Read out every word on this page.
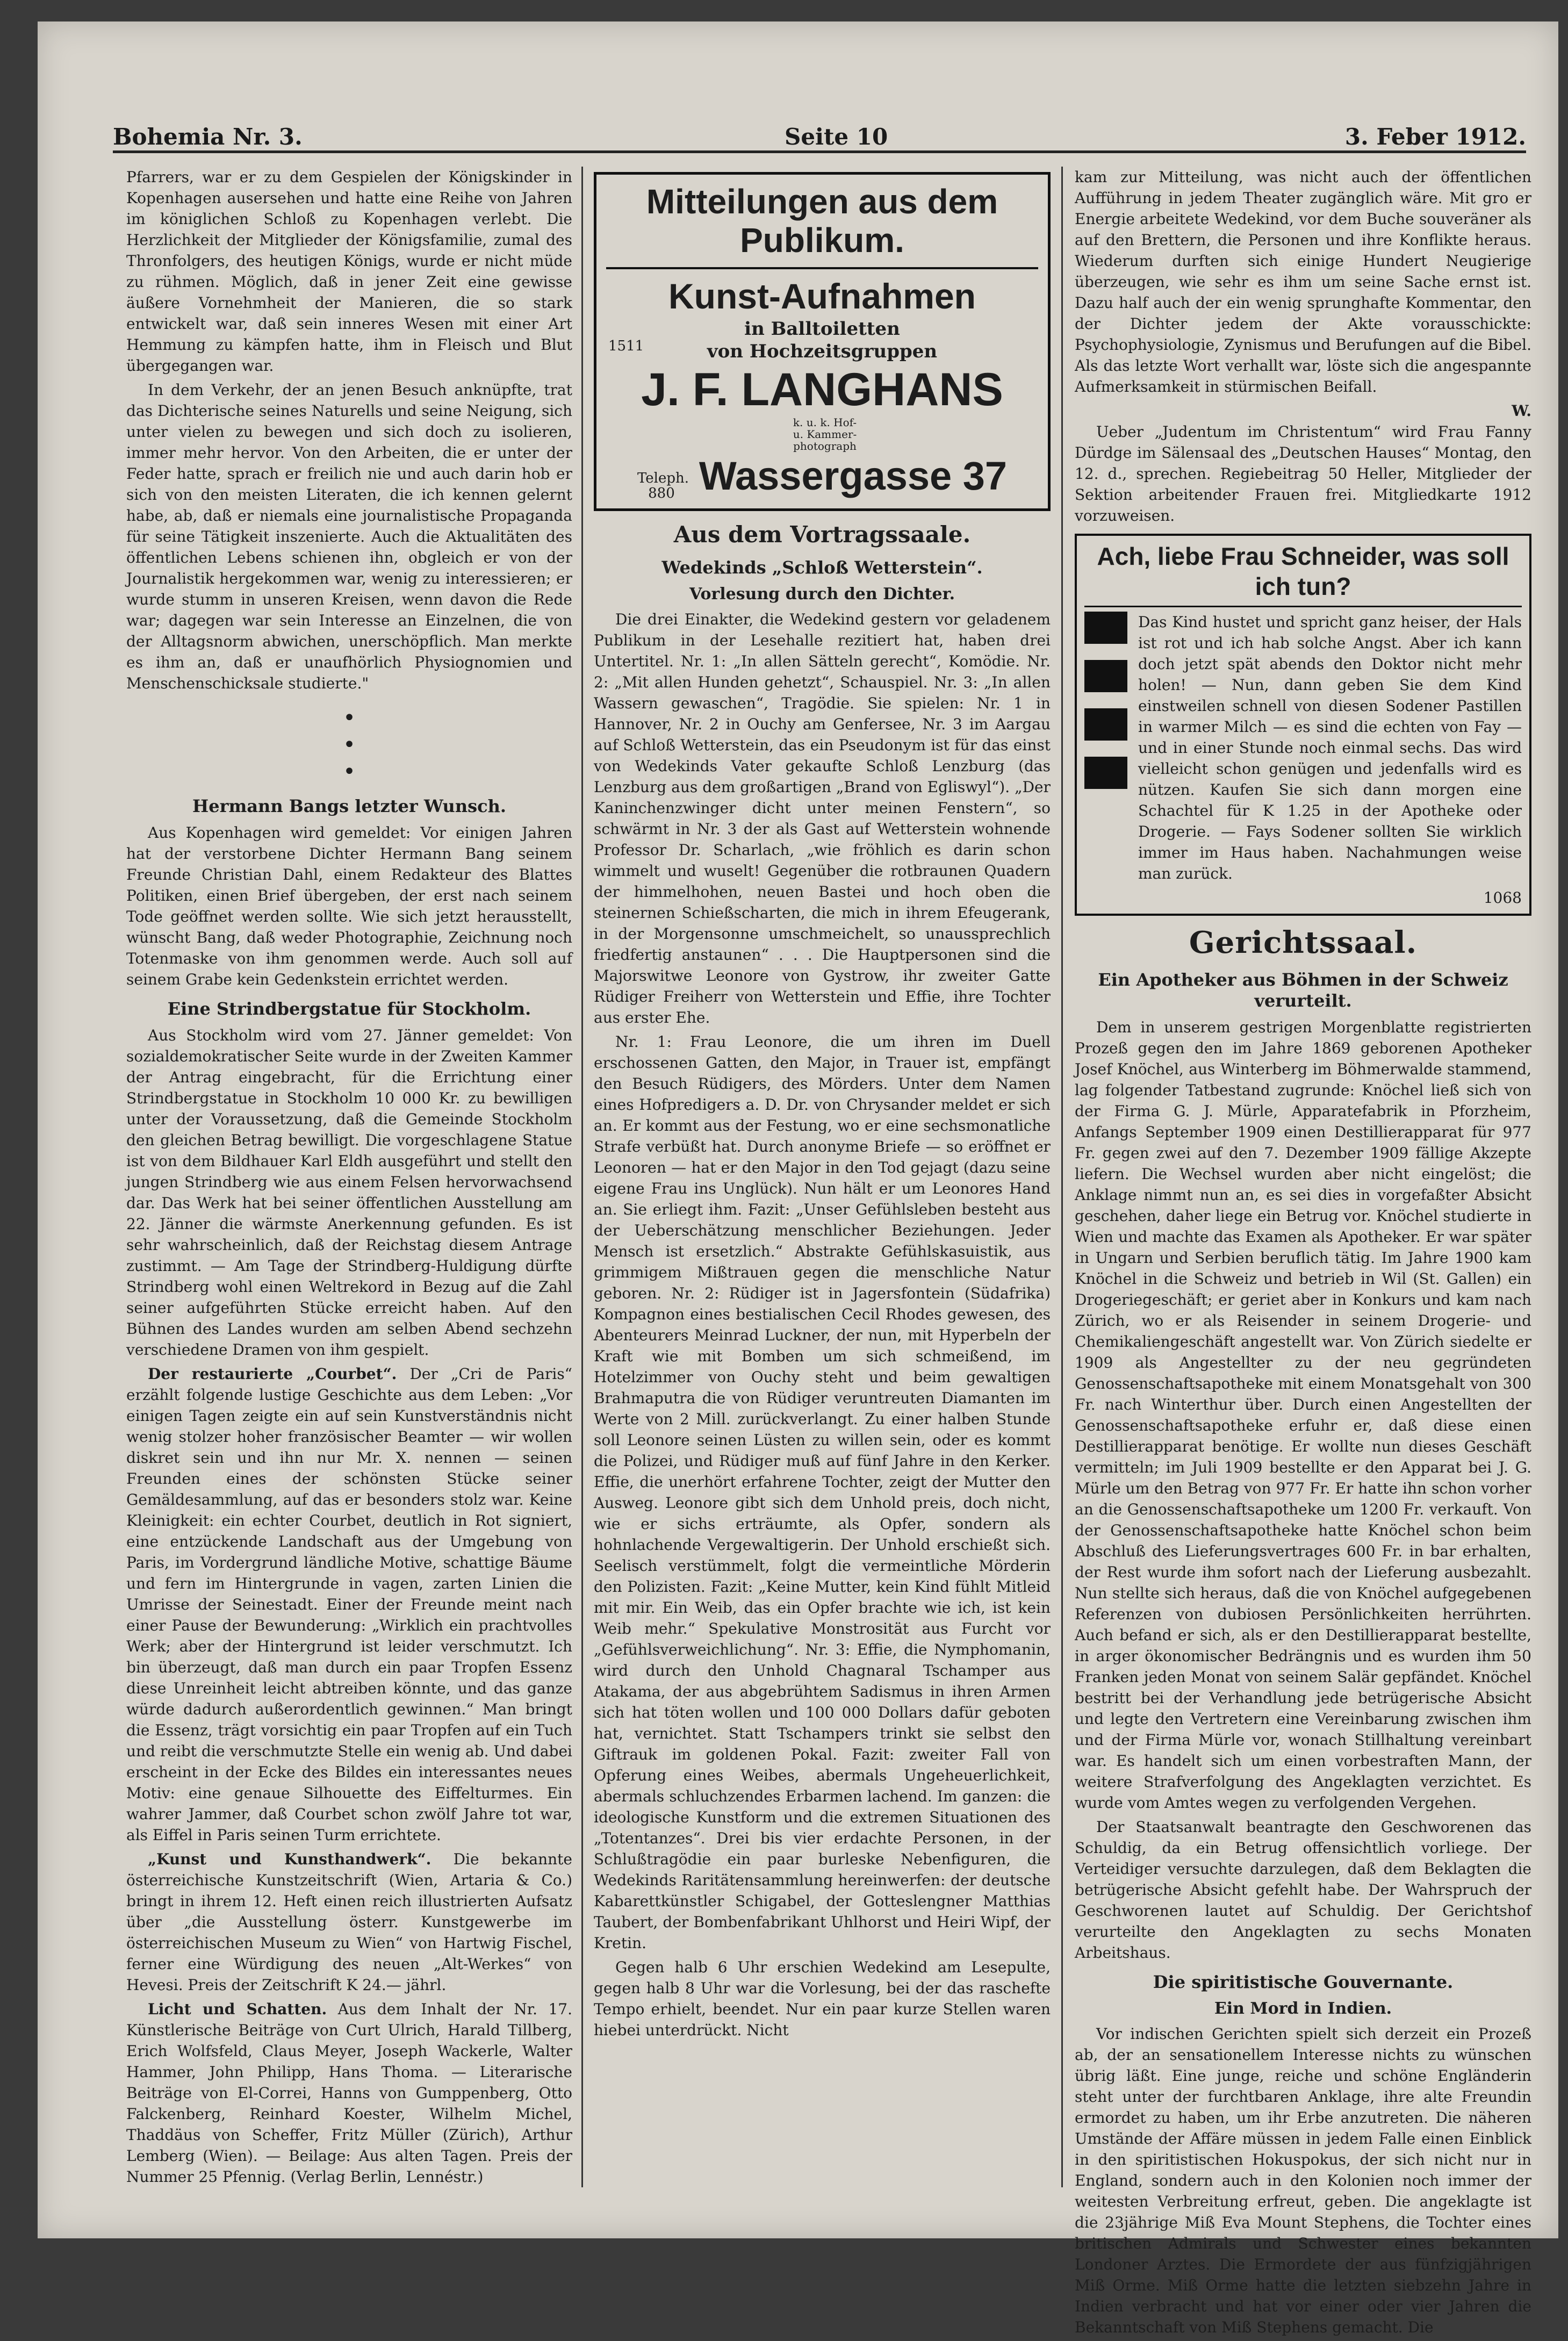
Bohemia Nr. 3.	Seite 10	3. Feber 1912.

Pfarrers, war er zu dem Gespielen der Königskinder in Kopenhagen ausersehen und hatte eine Reihe von Jahren im königlichen Schloß zu Kopenhagen verlebt. Die Herzlichkeit der Mitglieder der Königsfamilie, zumal des Thronfolgers, des heutigen Königs, wurde er nicht müde zu rühmen. Möglich, daß in jener Zeit eine gewisse äußere Vornehmheit der Manieren, die so stark entwickelt war, daß sein inneres Wesen mit einer Art Hemmung zu kämpfen hatte, ihm in Fleisch und Blut übergegangen war.

In dem Verkehr, der an jenen Besuch anknüpfte, trat das Dichterische seines Naturells und seine Neigung, sich unter vielen zu bewegen und sich doch zu isolieren, immer mehr hervor. Von den Arbeiten, die er unter der Feder hatte, sprach er freilich nie und auch darin hob er sich von den meisten Literaten, die ich kennen gelernt habe, ab, daß er niemals eine journalistische Propaganda für seine Tätigkeit inszenierte. Auch die Aktualitäten des öffentlichen Lebens schienen ihn, obgleich er von der Journalistik hergekommen war, wenig zu interessieren; er wurde stumm in unseren Kreisen, wenn davon die Rede war; dagegen war sein Interesse an Einzelnen, die von der Alltagsnorm abwichen, unerschöpflich. Man merkte es ihm an, daß er unaufhörlich Physiognomien und Menschenschicksale studierte."

•
•
•
Hermann Bangs letzter Wunsch.

Aus Kopenhagen wird gemeldet: Vor einigen Jahren hat der verstorbene Dichter Hermann Bang seinem Freunde Christian Dahl, einem Redakteur des Blattes Politiken, einen Brief übergeben, der erst nach seinem Tode geöffnet werden sollte. Wie sich jetzt herausstellt, wünscht Bang, daß weder Photographie, Zeichnung noch Totenmaske von ihm genommen werde. Auch soll auf seinem Grabe kein Gedenkstein errichtet werden.

Eine Strindbergstatue für Stockholm.

Aus Stockholm wird vom 27. Jänner gemeldet: Von sozialdemokratischer Seite wurde in der Zweiten Kammer der Antrag eingebracht, für die Errichtung einer Strindbergstatue in Stockholm 10 000 Kr. zu bewilligen unter der Voraussetzung, daß die Gemeinde Stockholm den gleichen Betrag bewilligt. Die vorgeschlagene Statue ist von dem Bildhauer Karl Eldh ausgeführt und stellt den jungen Strindberg wie aus einem Felsen hervorwachsend dar. Das Werk hat bei seiner öffentlichen Ausstellung am 22. Jänner die wärmste Anerkennung gefunden. Es ist sehr wahrscheinlich, daß der Reichstag diesem Antrage zustimmt. — Am Tage der Strindberg-Huldigung dürfte Strindberg wohl einen Weltrekord in Bezug auf die Zahl seiner aufgeführten Stücke erreicht haben. Auf den Bühnen des Landes wurden am selben Abend sechzehn verschiedene Dramen von ihm gespielt.

Der restaurierte „Courbet“. Der „Cri de Paris“ erzählt folgende lustige Geschichte aus dem Leben: „Vor einigen Tagen zeigte ein auf sein Kunstverständnis nicht wenig stolzer hoher französischer Beamter — wir wollen diskret sein und ihn nur Mr. X. nennen — seinen Freunden eines der schönsten Stücke seiner Gemäldesammlung, auf das er besonders stolz war. Keine Kleinigkeit: ein echter Courbet, deutlich in Rot signiert, eine entzückende Landschaft aus der Umgebung von Paris, im Vordergrund ländliche Motive, schattige Bäume und fern im Hintergrunde in vagen, zarten Linien die Umrisse der Seinestadt. Einer der Freunde meint nach einer Pause der Bewunderung: „Wirklich ein prachtvolles Werk; aber der Hintergrund ist leider verschmutzt. Ich bin überzeugt, daß man durch ein paar Tropfen Essenz diese Unreinheit leicht abtreiben könnte, und das ganze würde dadurch außerordentlich gewinnen.“ Man bringt die Essenz, trägt vorsichtig ein paar Tropfen auf ein Tuch und reibt die verschmutzte Stelle ein wenig ab. Und dabei erscheint in der Ecke des Bildes ein interessantes neues Motiv: eine genaue Silhouette des Eiffelturmes. Ein wahrer Jammer, daß Courbet schon zwölf Jahre tot war, als Eiffel in Paris seinen Turm errichtete.

„Kunst und Kunsthandwerk“. Die bekannte österreichische Kunstzeitschrift (Wien, Artaria & Co.) bringt in ihrem 12. Heft einen reich illustrierten Aufsatz über „die Ausstellung österr. Kunstgewerbe im österreichischen Museum zu Wien“ von Hartwig Fischel, ferner eine Würdigung des neuen „Alt-Werkes“ von Hevesi. Preis der Zeitschrift K 24.— jährl.

Licht und Schatten. Aus dem Inhalt der Nr. 17. Künstlerische Beiträge von Curt Ulrich, Harald Tillberg, Erich Wolfsfeld, Claus Meyer, Joseph Wackerle, Walter Hammer, John Philipp, Hans Thoma. — Literarische Beiträge von El-Correi, Hanns von Gumppenberg, Otto Falckenberg, Reinhard Koester, Wilhelm Michel, Thaddäus von Scheffer, Fritz Müller (Zürich), Arthur Lemberg (Wien). — Beilage: Aus alten Tagen. Preis der Nummer 25 Pfennig. (Verlag Berlin, Lennéstr.)

Mitteilungen aus dem Publikum.
Kunst-Aufnahmen
in Balltoiletten
von Hochzeitsgruppen
1511
J. F. LANGHANS k. u. k. Hof- u. Kammer- photograph
Teleph. 880 Wassergasse 37
Aus dem Vortragssaale.
Wedekinds „Schloß Wetterstein“.
Vorlesung durch den Dichter.

Die drei Einakter, die Wedekind gestern vor geladenem Publikum in der Lesehalle rezitiert hat, haben drei Untertitel. Nr. 1: „In allen Sätteln gerecht“, Komödie. Nr. 2: „Mit allen Hunden gehetzt“, Schauspiel. Nr. 3: „In allen Wassern gewaschen“, Tragödie. Sie spielen: Nr. 1 in Hannover, Nr. 2 in Ouchy am Genfersee, Nr. 3 im Aargau auf Schloß Wetterstein, das ein Pseudonym ist für das einst von Wedekinds Vater gekaufte Schloß Lenzburg (das Lenzburg aus dem großartigen „Brand von Egliswyl“). „Der Kaninchenzwinger dicht unter meinen Fenstern“, so schwärmt in Nr. 3 der als Gast auf Wetterstein wohnende Professor Dr. Scharlach, „wie fröhlich es darin schon wimmelt und wuselt! Gegenüber die rotbraunen Quadern der himmelhohen, neuen Bastei und hoch oben die steinernen Schießscharten, die mich in ihrem Efeugerank, in der Morgensonne umschmeichelt, so unaussprechlich friedfertig anstaunen“ . . . Die Hauptpersonen sind die Majorswitwe Leonore von Gystrow, ihr zweiter Gatte Rüdiger Freiherr von Wetterstein und Effie, ihre Tochter aus erster Ehe.

Nr. 1: Frau Leonore, die um ihren im Duell erschossenen Gatten, den Major, in Trauer ist, empfängt den Besuch Rüdigers, des Mörders. Unter dem Namen eines Hofpredigers a. D. Dr. von Chrysander meldet er sich an. Er kommt aus der Festung, wo er eine sechsmonatliche Strafe verbüßt hat. Durch anonyme Briefe — so eröffnet er Leonoren — hat er den Major in den Tod gejagt (dazu seine eigene Frau ins Unglück). Nun hält er um Leonores Hand an. Sie erliegt ihm. Fazit: „Unser Gefühlsleben besteht aus der Ueberschätzung menschlicher Beziehungen. Jeder Mensch ist ersetzlich.“ Abstrakte Gefühlskasuistik, aus grimmigem Mißtrauen gegen die menschliche Natur geboren. Nr. 2: Rüdiger ist in Jagersfontein (Südafrika) Kompagnon eines bestialischen Cecil Rhodes gewesen, des Abenteurers Meinrad Luckner, der nun, mit Hyperbeln der Kraft wie mit Bomben um sich schmeißend, im Hotelzimmer von Ouchy steht und beim gewaltigen Brahmaputra die von Rüdiger veruntreuten Diamanten im Werte von 2 Mill. zurückverlangt. Zu einer halben Stunde soll Leonore seinen Lüsten zu willen sein, oder es kommt die Polizei, und Rüdiger muß auf fünf Jahre in den Kerker. Effie, die unerhört erfahrene Tochter, zeigt der Mutter den Ausweg. Leonore gibt sich dem Unhold preis, doch nicht, wie er sichs erträumte, als Opfer, sondern als hohnlachende Vergewaltigerin. Der Unhold erschießt sich. Seelisch verstümmelt, folgt die vermeintliche Mörderin den Polizisten. Fazit: „Keine Mutter, kein Kind fühlt Mitleid mit mir. Ein Weib, das ein Opfer brachte wie ich, ist kein Weib mehr.“ Spekulative Monstrosität aus Furcht vor „Gefühlsverweichlichung“. Nr. 3: Effie, die Nymphomanin, wird durch den Unhold Chagnaral Tschamper aus Atakama, der aus abgebrühtem Sadismus in ihren Armen sich hat töten wollen und 100 000 Dollars dafür geboten hat, vernichtet. Statt Tschampers trinkt sie selbst den Giftrauk im goldenen Pokal. Fazit: zweiter Fall von Opferung eines Weibes, abermals Ungeheuerlichkeit, abermals schluchzendes Erbarmen lachend. Im ganzen: die ideologische Kunstform und die extremen Situationen des „Totentanzes“. Drei bis vier erdachte Personen, in der Schlußtragödie ein paar burleske Nebenfiguren, die Wedekinds Raritätensammlung hereinwerfen: der deutsche Kabarettkünstler Schigabel, der Gotteslengner Matthias Taubert, der Bombenfabrikant Uhlhorst und Heiri Wipf, der Kretin.

Gegen halb 6 Uhr erschien Wedekind am Lesepulte, gegen halb 8 Uhr war die Vorlesung, bei der das raschefte Tempo erhielt, beendet. Nur ein paar kurze Stellen waren hiebei unterdrückt. Nicht

kam zur Mitteilung, was nicht auch der öffentlichen Aufführung in jedem Theater zugänglich wäre. Mit gro er Energie arbeitete Wedekind, vor dem Buche souveräner als auf den Brettern, die Personen und ihre Konflikte heraus. Wiederum durften sich einige Hundert Neugierige überzeugen, wie sehr es ihm um seine Sache ernst ist. Dazu half auch der ein wenig sprunghafte Kommentar, den der Dichter jedem der Akte vorausschickte: Psychophysiologie, Zynismus und Berufungen auf die Bibel. Als das letzte Wort verhallt war, löste sich die angespannte Aufmerksamkeit in stürmischen Beifall.

W.

Ueber „Judentum im Christentum“ wird Frau Fanny Dürdge im Sälensaal des „Deutschen Hauses“ Montag, den 12. d., sprechen. Regiebeitrag 50 Heller, Mitglieder der Sektion arbeitender Frauen frei. Mitgliedkarte 1912 vorzuweisen.

Ach, liebe Frau Schneider, was soll ich tun?

Das Kind hustet und spricht ganz heiser, der Hals ist rot und ich hab solche Angst. Aber ich kann doch jetzt spät abends den Doktor nicht mehr holen! — Nun, dann geben Sie dem Kind einstweilen schnell von diesen Sodener Pastillen in warmer Milch — es sind die echten von Fay — und in einer Stunde noch einmal sechs. Das wird vielleicht schon genügen und jedenfalls wird es nützen. Kaufen Sie sich dann morgen eine Schachtel für K 1.25 in der Apotheke oder Drogerie. — Fays Sodener sollten Sie wirklich immer im Haus haben. Nachahmungen weise man zurück.

1068
Gerichtssaal.
Ein Apotheker aus Böhmen in der Schweiz verurteilt.

Dem in unserem gestrigen Morgenblatte registrierten Prozeß gegen den im Jahre 1869 geborenen Apotheker Josef Knöchel, aus Winterberg im Böhmerwalde stammend, lag folgender Tatbestand zugrunde: Knöchel ließ sich von der Firma G. J. Mürle, Apparatefabrik in Pforzheim, Anfangs September 1909 einen Destillierapparat für 977 Fr. gegen zwei auf den 7. Dezember 1909 fällige Akzepte liefern. Die Wechsel wurden aber nicht eingelöst; die Anklage nimmt nun an, es sei dies in vorgefaßter Absicht geschehen, daher liege ein Betrug vor. Knöchel studierte in Wien und machte das Examen als Apotheker. Er war später in Ungarn und Serbien beruflich tätig. Im Jahre 1900 kam Knöchel in die Schweiz und betrieb in Wil (St. Gallen) ein Drogeriegeschäft; er geriet aber in Konkurs und kam nach Zürich, wo er als Reisender in seinem Drogerie- und Chemikaliengeschäft angestellt war. Von Zürich siedelte er 1909 als Angestellter zu der neu gegründeten Genossenschaftsapotheke mit einem Monatsgehalt von 300 Fr. nach Winterthur über. Durch einen Angestellten der Genossenschaftsapotheke erfuhr er, daß diese einen Destillierapparat benötige. Er wollte nun dieses Geschäft vermitteln; im Juli 1909 bestellte er den Apparat bei J. G. Mürle um den Betrag von 977 Fr. Er hatte ihn schon vorher an die Genossenschaftsapotheke um 1200 Fr. verkauft. Von der Genossenschaftsapotheke hatte Knöchel schon beim Abschluß des Lieferungsvertrages 600 Fr. in bar erhalten, der Rest wurde ihm sofort nach der Lieferung ausbezahlt. Nun stellte sich heraus, daß die von Knöchel aufgegebenen Referenzen von dubiosen Persönlichkeiten herrührten. Auch befand er sich, als er den Destillierapparat bestellte, in arger ökonomischer Bedrängnis und es wurden ihm 50 Franken jeden Monat von seinem Salär gepfändet. Knöchel bestritt bei der Verhandlung jede betrügerische Absicht und legte den Vertretern eine Vereinbarung zwischen ihm und der Firma Mürle vor, wonach Stillhaltung vereinbart war. Es handelt sich um einen vorbestraften Mann, der weitere Strafverfolgung des Angeklagten verzichtet. Es wurde vom Amtes wegen zu verfolgenden Vergehen.

Der Staatsanwalt beantragte den Geschworenen das Schuldig, da ein Betrug offensichtlich vorliege. Der Verteidiger versuchte darzulegen, daß dem Beklagten die betrügerische Absicht gefehlt habe. Der Wahrspruch der Geschworenen lautet auf Schuldig. Der Gerichtshof verurteilte den Angeklagten zu sechs Monaten Arbeitshaus.

Die spiritistische Gouvernante.
Ein Mord in Indien.

Vor indischen Gerichten spielt sich derzeit ein Prozeß ab, der an sensationellem Interesse nichts zu wünschen übrig läßt. Eine junge, reiche und schöne Engländerin steht unter der furchtbaren Anklage, ihre alte Freundin ermordet zu haben, um ihr Erbe anzutreten. Die näheren Umstände der Affäre müssen in jedem Falle einen Einblick in den spiritistischen Hokuspokus, der sich nicht nur in England, sondern auch in den Kolonien noch immer der weitesten Verbreitung erfreut, geben. Die angeklagte ist die 23jährige Miß Eva Mount Stephens, die Tochter eines britischen Admirals und Schwester eines bekannten Londoner Arztes. Die Ermordete der aus fünfzigjährigen Miß Orme. Miß Orme hatte die letzten siebzehn Jahre in Indien verbracht und hat vor einer oder vier Jahren die Bekanntschaft von Miß Stephens gemacht. Die
